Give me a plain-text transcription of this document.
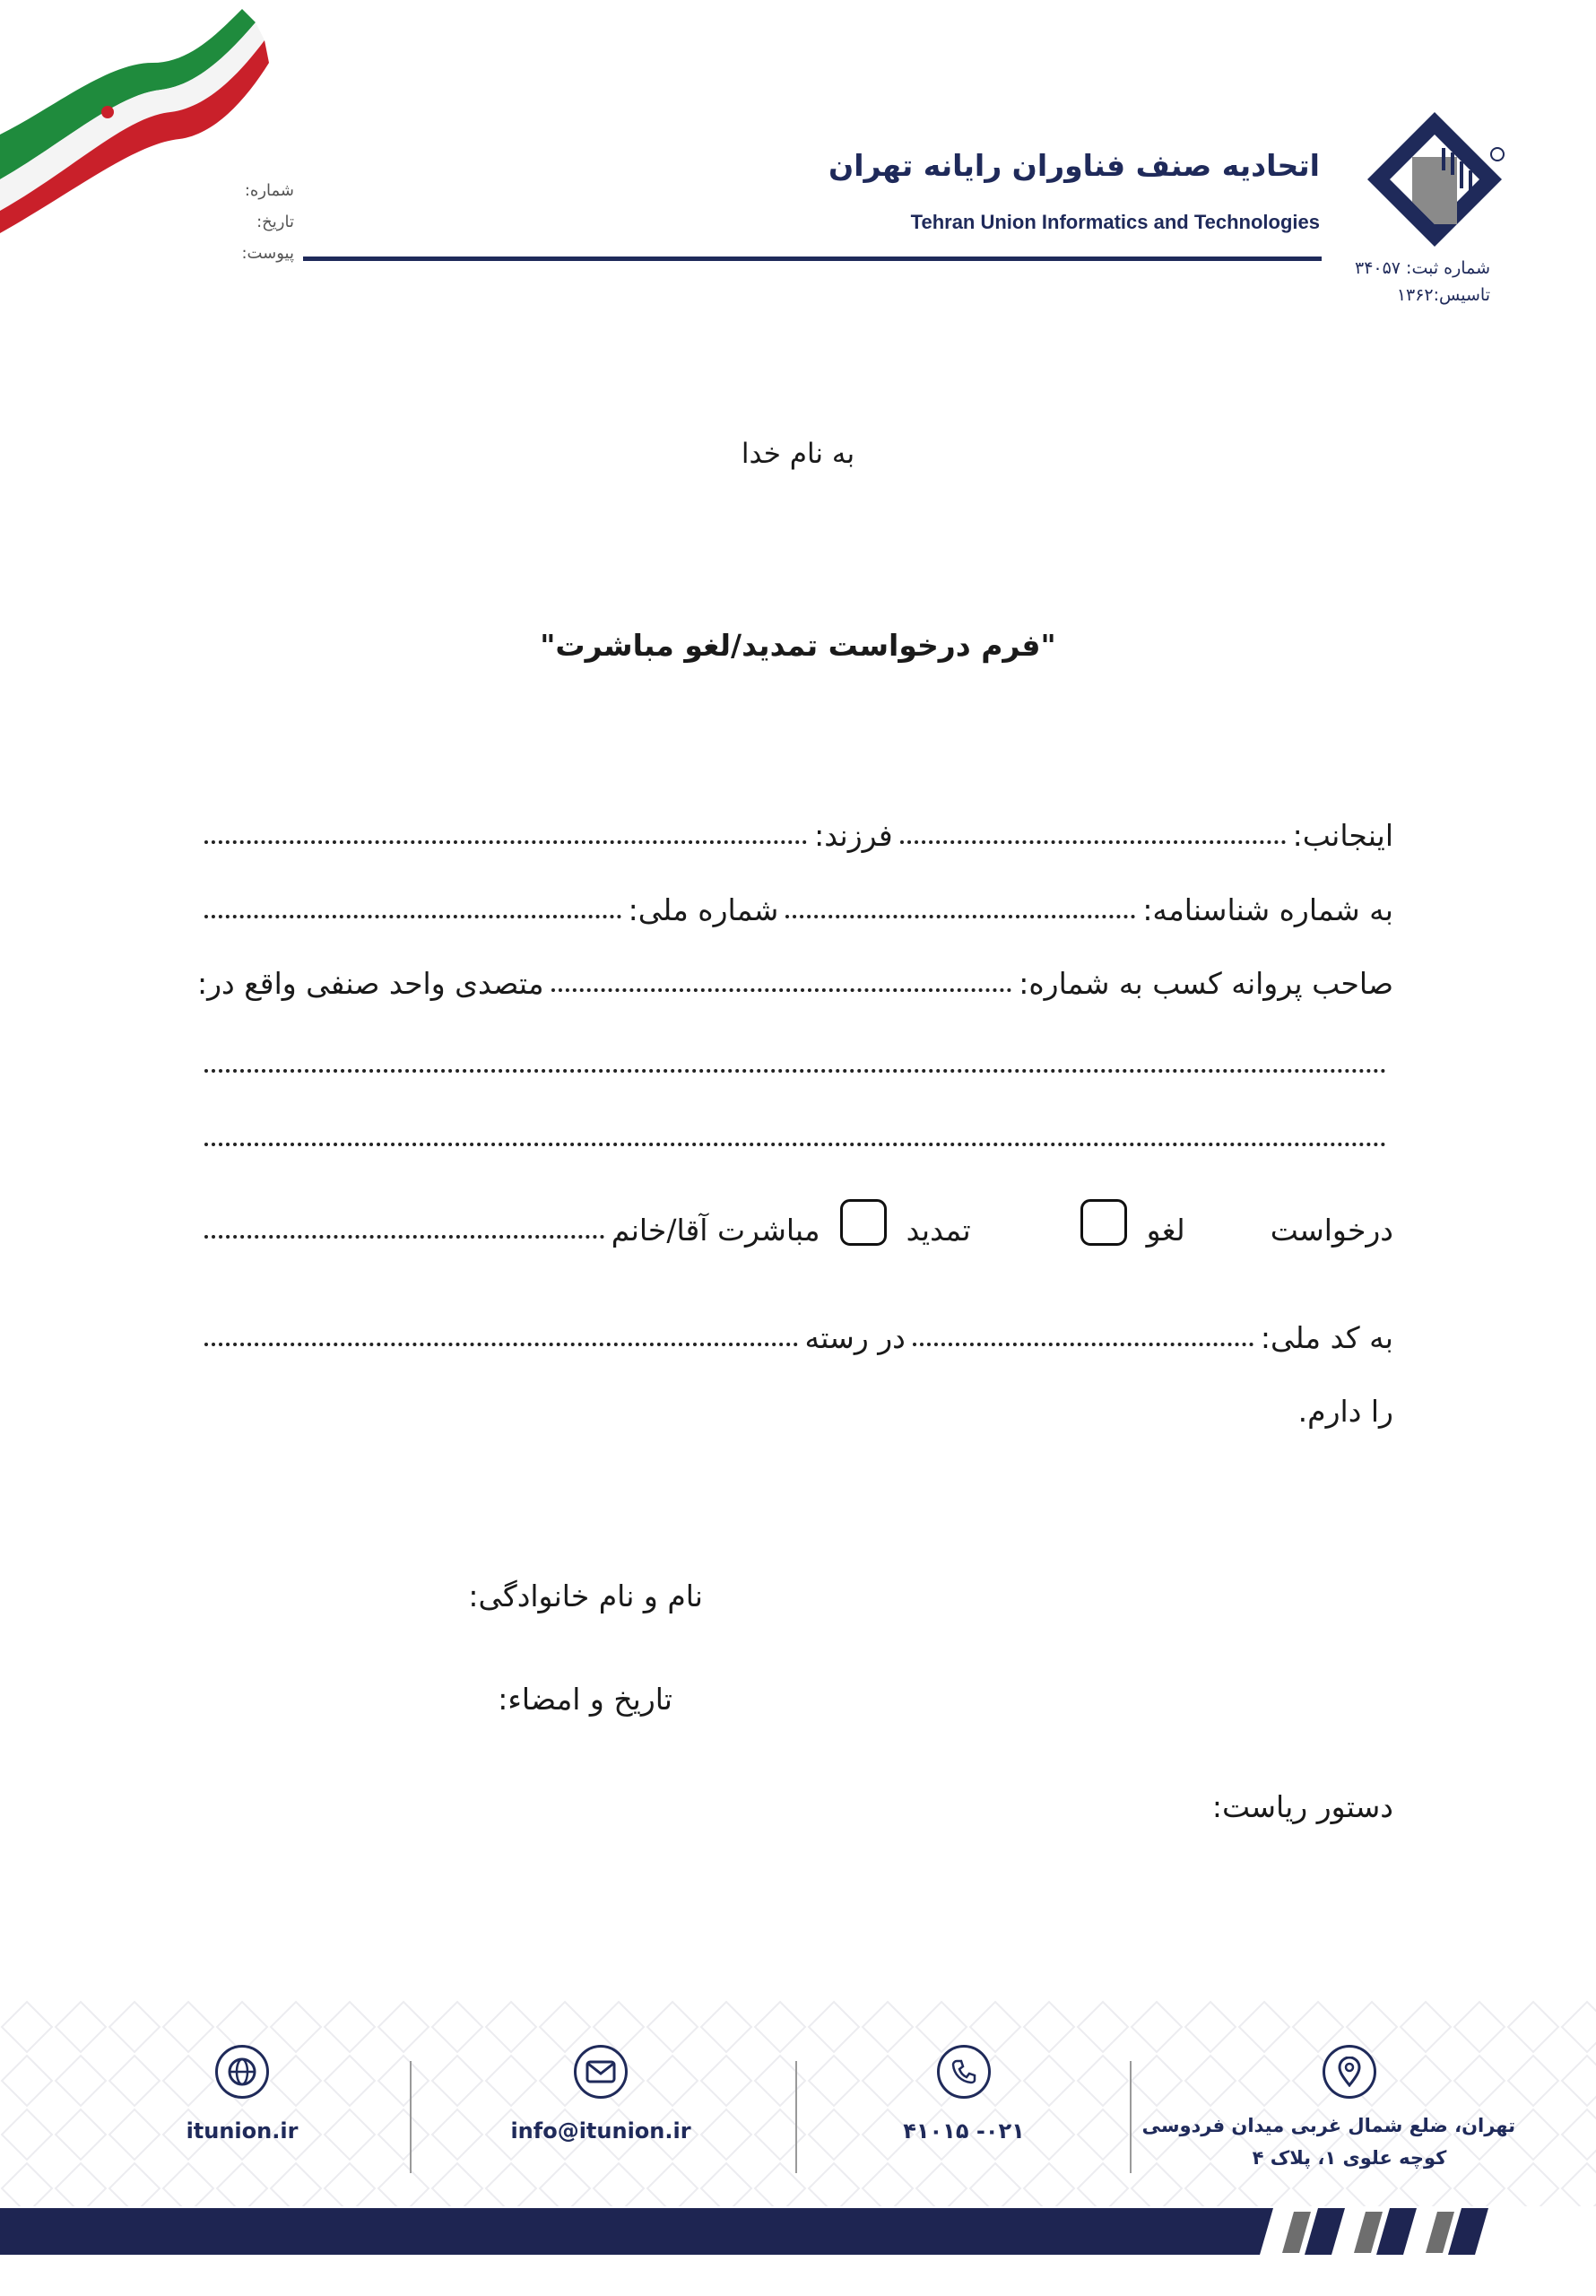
اتحادیه صنف فناوران رایانه تهران
Tehran Union Informatics and Technologies
شماره ثبت: ۳۴۰۵۷
تاسیس:۱۳۶۲
شماره:
تاریخ:
پیوست:
به نام خدا
"فرم درخواست تمدید/لغو مباشرت"
اینجانب:
فرزند:
به شماره شناسنامه:
شماره ملی:
صاحب پروانه کسب به شماره:
متصدی واحد صنفی واقع در:
درخواست
لغو
تمدید
مباشرت آقا/خانم
به کد ملی:
در رسته
را دارم.
نام و نام خانوادگی:
تاریخ و امضاء:
دستور ریاست:
itunion.ir	info@itunion.ir	۰۲۱- ۴۱۰۱۵	تهران، ضلع شمال غربی میدان فردوسی
کوچه علوی ۱، پلاک ۴
